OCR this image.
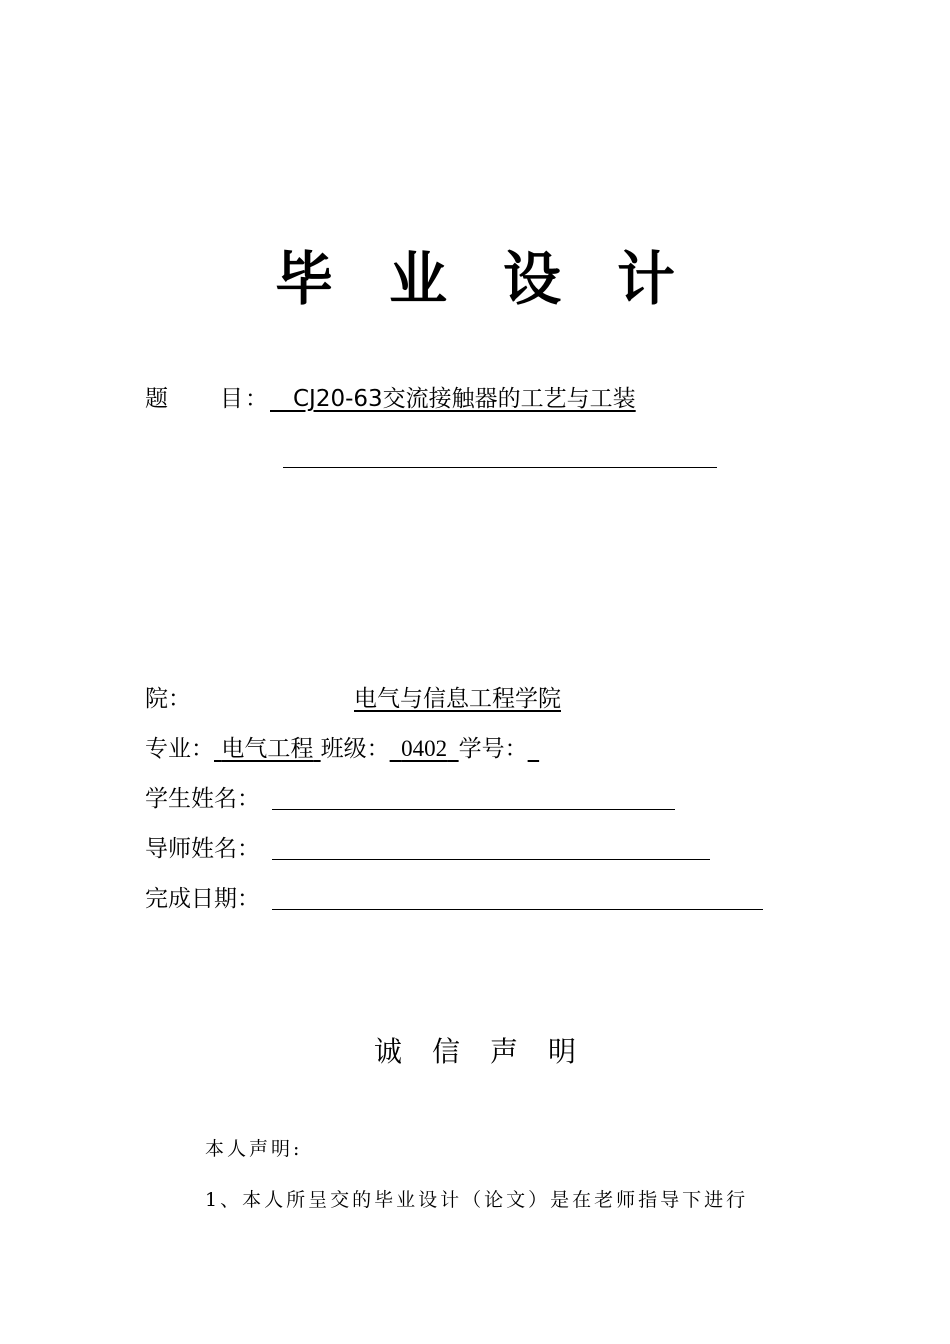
毕业设计
题　　目： CJ20-63交流接触器的工艺与工装
院：	电气与信息工程学院
专业： 电气工程 班级： 0402 学号：
学生姓名：
导师姓名：
完成日期：
诚信声明
本人声明:
1、本人所呈交的毕业设计（论文）是在老师指导下进行
